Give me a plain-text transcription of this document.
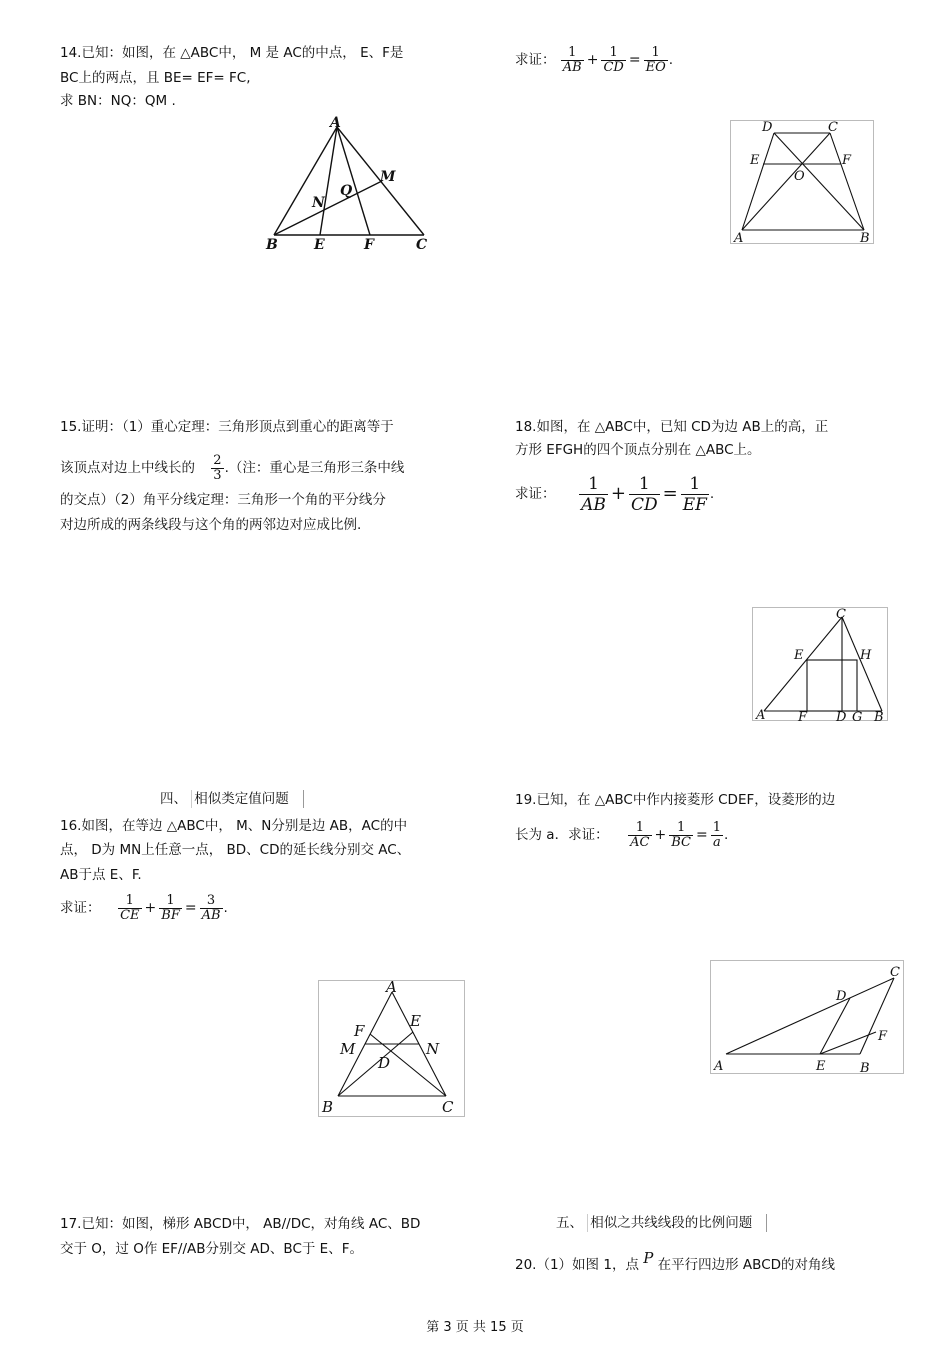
14.已知：如图，在 △ABC中， M 是 AC的中点， E、F是
BC上的两点，且 BE= EF= FC,
求 BN：NQ：QM .
A
B	C
E	F
M
N
Q
求证： $\frac{1}{AB} + \frac{1}{CD} = \frac{1}{EO}$ .
D	C
E	F
O
A	B
15.证明：（1）重心定理：三角形顶点到重心的距离等于
该顶点对边上中线长的 $\frac{2}{3}$ .（注：重心是三角形三条中线
的交点）（2）角平分线定理：三角形一个角的平分线分
对边所成的两条线段与这个角的两邻边对应成比例.
18.如图，在 △ABC中，已知 CD为边 AB上的高，正
方形 EFGH的四个顶点分别在 △ABC上。
求证： $\frac{1}{AB} + \frac{1}{CD} = \frac{1}{EF}$ .
C
E	H
A	F D G B
四、 相似类定值问题
16.如图，在等边 △ABC中， M、N分别是边 AB，AC的中
点， D为 MN上任意一点， BD、CD的延长线分别交 AC、
AB于点 E、F.
求证： $\frac{1}{CE} + \frac{1}{BF} = \frac{3}{AB}$ .
A
F
E
M	N
D
B	C
19.已知，在 △ABC中作内接菱形 CDEF，设菱形的边
长为 a．求证： $\frac{1}{AC} + \frac{1}{BC} = \frac{1}{a}$ .
C
D
F
A	E	B
17.已知：如图，梯形 ABCD中， AB//DC，对角线 AC、BD
交于 O，过 O作 EF//AB分别交 AD、BC于 E、F。
五、 相似之共线线段的比例问题
20.（1）如图 1，点 P 在平行四边形 ABCD的对角线
第 3 页 共 15 页
